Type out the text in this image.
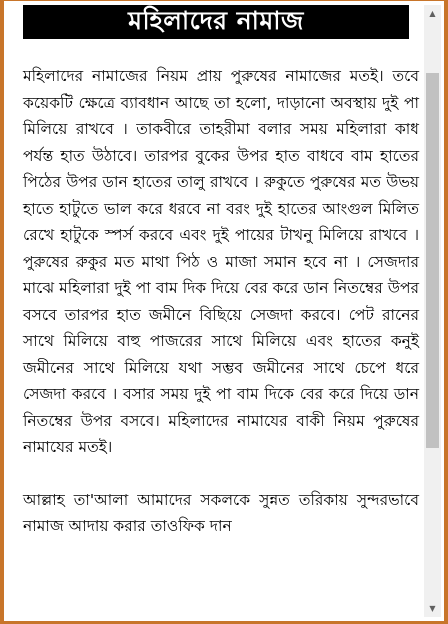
মহিলাদের নামাজ

মহিলাদের নামাজের নিয়ম প্রায় পুরুষের নামাজের মতই। তবে কয়েকটি ক্ষেত্রে ব্যাবধান আছে তা হলো, দাড়ানো অবস্থায় দুই পা মিলিয়ে রাখবে । তাকবীরে তাহরীমা বলার সময় মহিলারা কাধ পর্যন্ত হাত উঠাবে। তারপর বুকের উপর হাত বাধবে বাম হাতের পিঠের উপর ডান হাতের তালু রাখবে । রুকুতে পুরুষের মত উভয় হাতে হাটুতে ভাল করে ধরবে না বরং দুই হাতের আংগুল মিলিত রেখে হাটুকে স্পর্স করবে এবং দুই পায়ের টাখনু মিলিয়ে রাখবে । পুরুষের রুকুর মত মাথা পিঠ ও মাজা সমান হবে না । সেজদার মাঝে মহিলারা দুই পা বাম দিক দিয়ে বের করে ডান নিতম্বের উপর বসবে তারপর হাত জমীনে বিছিয়ে সেজদা করবে। পেট রানের সাথে মিলিয়ে বাহু পাজরের সাথে মিলিয়ে এবং হাতের কনুই জমীনের সাথে মিলিয়ে যথা সম্ভব জমীনের সাথে চেপে ধরে সেজদা করবে । বসার সময় দুই পা বাম দিকে বের করে দিয়ে ডান নিতম্বের উপর বসবে। মহিলাদের নামাযের বাকী নিয়ম পুরুষের নামাযের মতই।

আল্লাহ তা'আলা আমাদের সকলকে সুন্নত তরিকায় সুন্দরভাবে নামাজ আদায় করার তাওফিক দান

▲
▼
